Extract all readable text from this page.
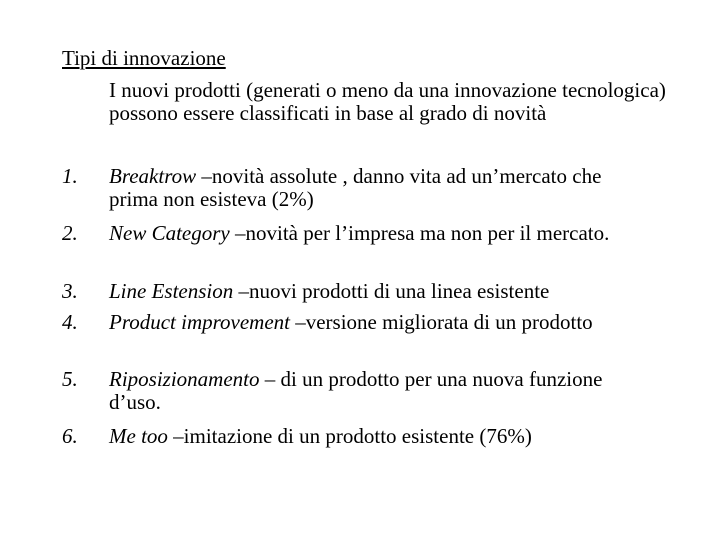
Tipi di innovazione
I nuovi prodotti (generati o meno da una innovazione tecnologica) possono essere classificati in base al grado di novità
1.	Breaktrow –novità assolute , danno vita ad un’mercato che prima non esisteva (2%)
2.	New Category –novità per l’impresa ma non per il mercato.
3.	Line Estension –nuovi prodotti di una linea esistente
4.	Product improvement –versione migliorata di un prodotto
5.	Riposizionamento – di un prodotto per una nuova funzione d’uso.
6.	Me too –imitazione di un prodotto esistente (76%)
